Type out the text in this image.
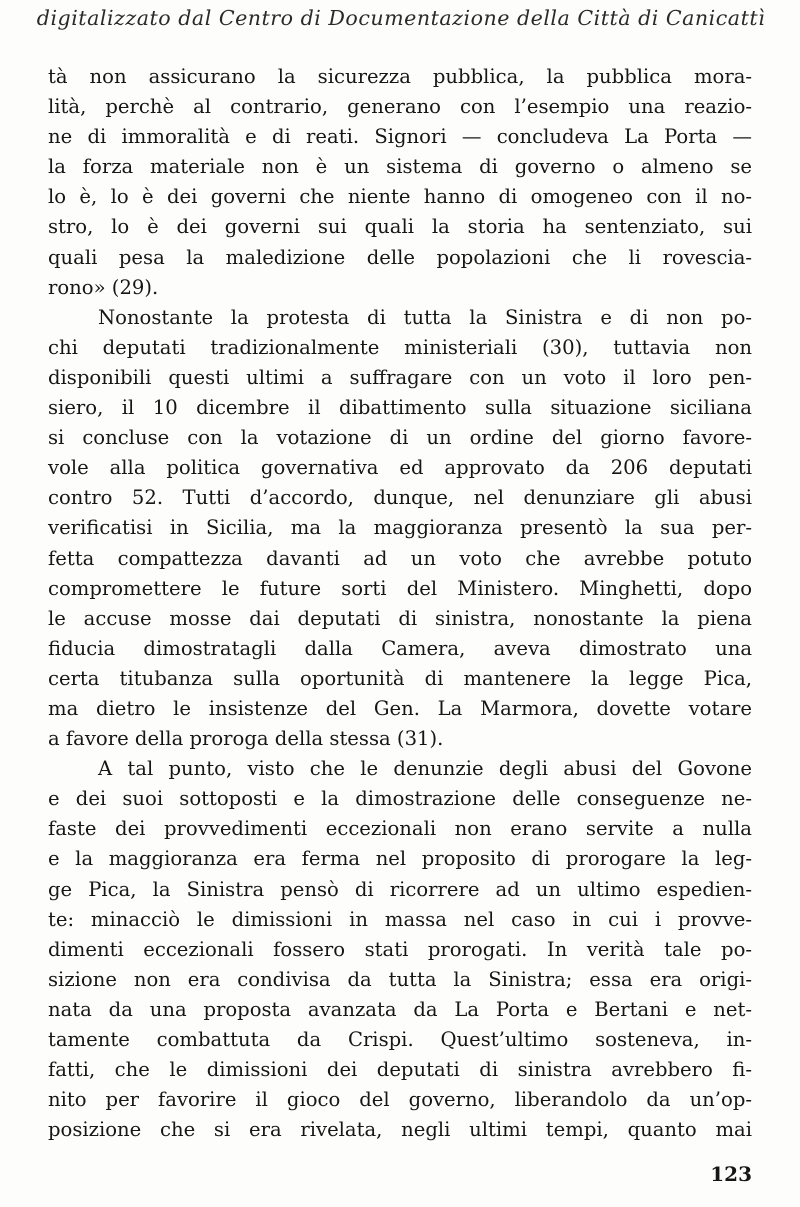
digitalizzato dal Centro di Documentazione della Città di Canicattì
tà non assicurano la sicurezza pubblica, la pubblica mora-
lità, perchè al contrario, generano con l’esempio una reazio-
ne di immoralità e di reati. Signori — concludeva La Porta —
la forza materiale non è un sistema di governo o almeno se
lo è, lo è dei governi che niente hanno di omogeneo con il no-
stro, lo è dei governi sui quali la storia ha sentenziato, sui
quali pesa la maledizione delle popolazioni che li rovescia-
rono» (29).
Nonostante la protesta di tutta la Sinistra e di non po-
chi deputati tradizionalmente ministeriali (30), tuttavia non
disponibili questi ultimi a suffragare con un voto il loro pen-
siero, il 10 dicembre il dibattimento sulla situazione siciliana
si concluse con la votazione di un ordine del giorno favore-
vole alla politica governativa ed approvato da 206 deputati
contro 52. Tutti d’accordo, dunque, nel denunziare gli abusi
verificatisi in Sicilia, ma la maggioranza presentò la sua per-
fetta compattezza davanti ad un voto che avrebbe potuto
compromettere le future sorti del Ministero. Minghetti, dopo
le accuse mosse dai deputati di sinistra, nonostante la piena
fiducia dimostratagli dalla Camera, aveva dimostrato una
certa titubanza sulla oportunità di mantenere la legge Pica,
ma dietro le insistenze del Gen. La Marmora, dovette votare
a favore della proroga della stessa (31).
A tal punto, visto che le denunzie degli abusi del Govone
e dei suoi sottoposti e la dimostrazione delle conseguenze ne-
faste dei provvedimenti eccezionali non erano servite a nulla
e la maggioranza era ferma nel proposito di prorogare la leg-
ge Pica, la Sinistra pensò di ricorrere ad un ultimo espedien-
te: minacciò le dimissioni in massa nel caso in cui i provve-
dimenti eccezionali fossero stati prorogati. In verità tale po-
sizione non era condivisa da tutta la Sinistra; essa era origi-
nata da una proposta avanzata da La Porta e Bertani e net-
tamente combattuta da Crispi. Quest’ultimo sosteneva, in-
fatti, che le dimissioni dei deputati di sinistra avrebbero fi-
nito per favorire il gioco del governo, liberandolo da un’op-
posizione che si era rivelata, negli ultimi tempi, quanto mai
123
